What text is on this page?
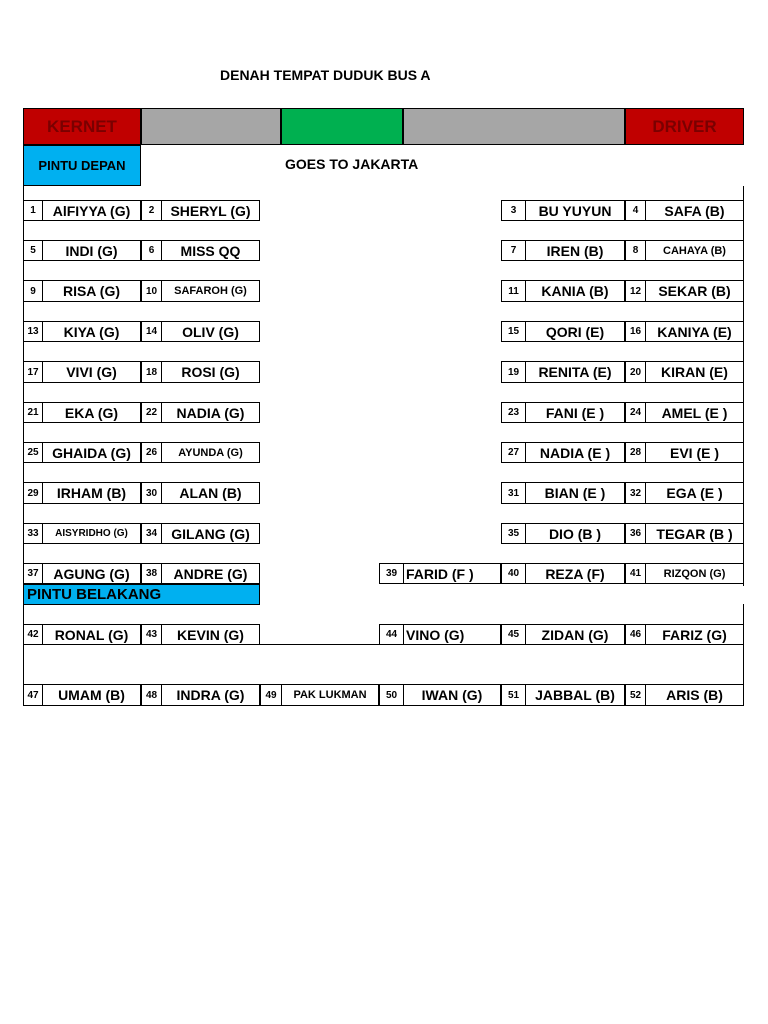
DENAH TEMPAT DUDUK BUS A
KERNET	DRIVER
PINTU DEPAN	GOES TO JAKARTA
1	AlFIYYA (G)	2	SHERYL (G)	3	BU YUYUN	4	SAFA (B)
5	INDI (G)	6	MISS QQ	7	IREN (B)	8	CAHAYA (B)
9	RISA (G)	10	SAFAROH (G)	11	KANIA (B)	12	SEKAR (B)
13	KIYA (G)	14	OLIV (G)	15	QORI (E)	16	KANIYA (E)
17	VIVI (G)	18	ROSI (G)	19	RENITA (E)	20	KIRAN (E)
21	EKA (G)	22	NADIA (G)	23	FANI (E )	24	AMEL (E )
25 GHAIDA (G)	26	AYUNDA (G)	27	NADIA (E )	28	EVI (E )
29	IRHAM (B)	30	ALAN (B)	31	BIAN (E )	32	EGA (E )
33	AISYRIDHO (G)	34	GILANG (G)	35	DIO (B )	36	TEGAR (B )
37	AGUNG (G)	38	ANDRE (G)	39 FARID (F )	40	REZA (F)	41	RIZQON (G)
PINTU BELAKANG
42	RONAL (G)	43	KEVIN (G)	44 VINO (G)	45	ZIDAN (G)	46	FARIZ (G)
47	UMAM (B)	48	INDRA (G)	49	PAK LUKMAN	50	IWAN (G)	51	JABBAL (B)	52	ARIS (B)
